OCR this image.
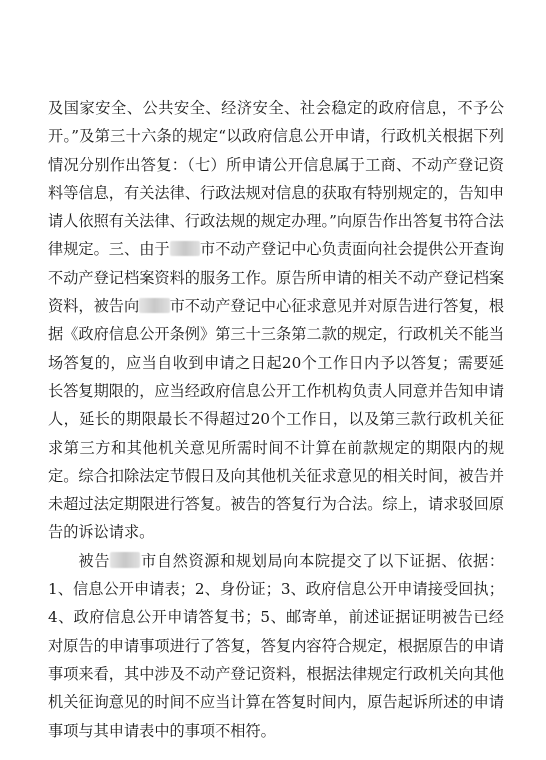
及国家安全、公共安全、经济安全、社会稳定的政府信息，不予公开。”及第三十六条的规定“以政府信息公开申请，行政机关根据下列情况分别作出答复：（七）所申请公开信息属于工商、不动产登记资料等信息，有关法律、行政法规对信息的获取有特别规定的，告知申请人依照有关法律、行政法规的规定办理。”向原告作出答复书符合法律规定。三、由于 市不动产登记中心负责面向社会提供公开查询不动产登记档案资料的服务工作。原告所申请的相关不动产登记档案资料，被告向 市不动产登记中心征求意见并对原告进行答复，根据《政府信息公开条例》第三十三条第二款的规定，行政机关不能当场答复的，应当自收到申请之日起20个工作日内予以答复；需要延长答复期限的，应当经政府信息公开工作机构负责人同意并告知申请人，延长的期限最长不得超过20个工作日，以及第三款行政机关征求第三方和其他机关意见所需时间不计算在前款规定的期限内的规定。综合扣除法定节假日及向其他机关征求意见的相关时间，被告并未超过法定期限进行答复。被告的答复行为合法。综上，请求驳回原告的诉讼请求。

被告 市自然资源和规划局向本院提交了以下证据、依据：1、信息公开申请表；2、身份证；3、政府信息公开申请接受回执；4、政府信息公开申请答复书；5、邮寄单，前述证据证明被告已经对原告的申请事项进行了答复，答复内容符合规定，根据原告的申请事项来看，其中涉及不动产登记资料，根据法律规定行政机关向其他机关征询意见的时间不应当计算在答复时间内，原告起诉所述的申请事项与其申请表中的事项不相符。
